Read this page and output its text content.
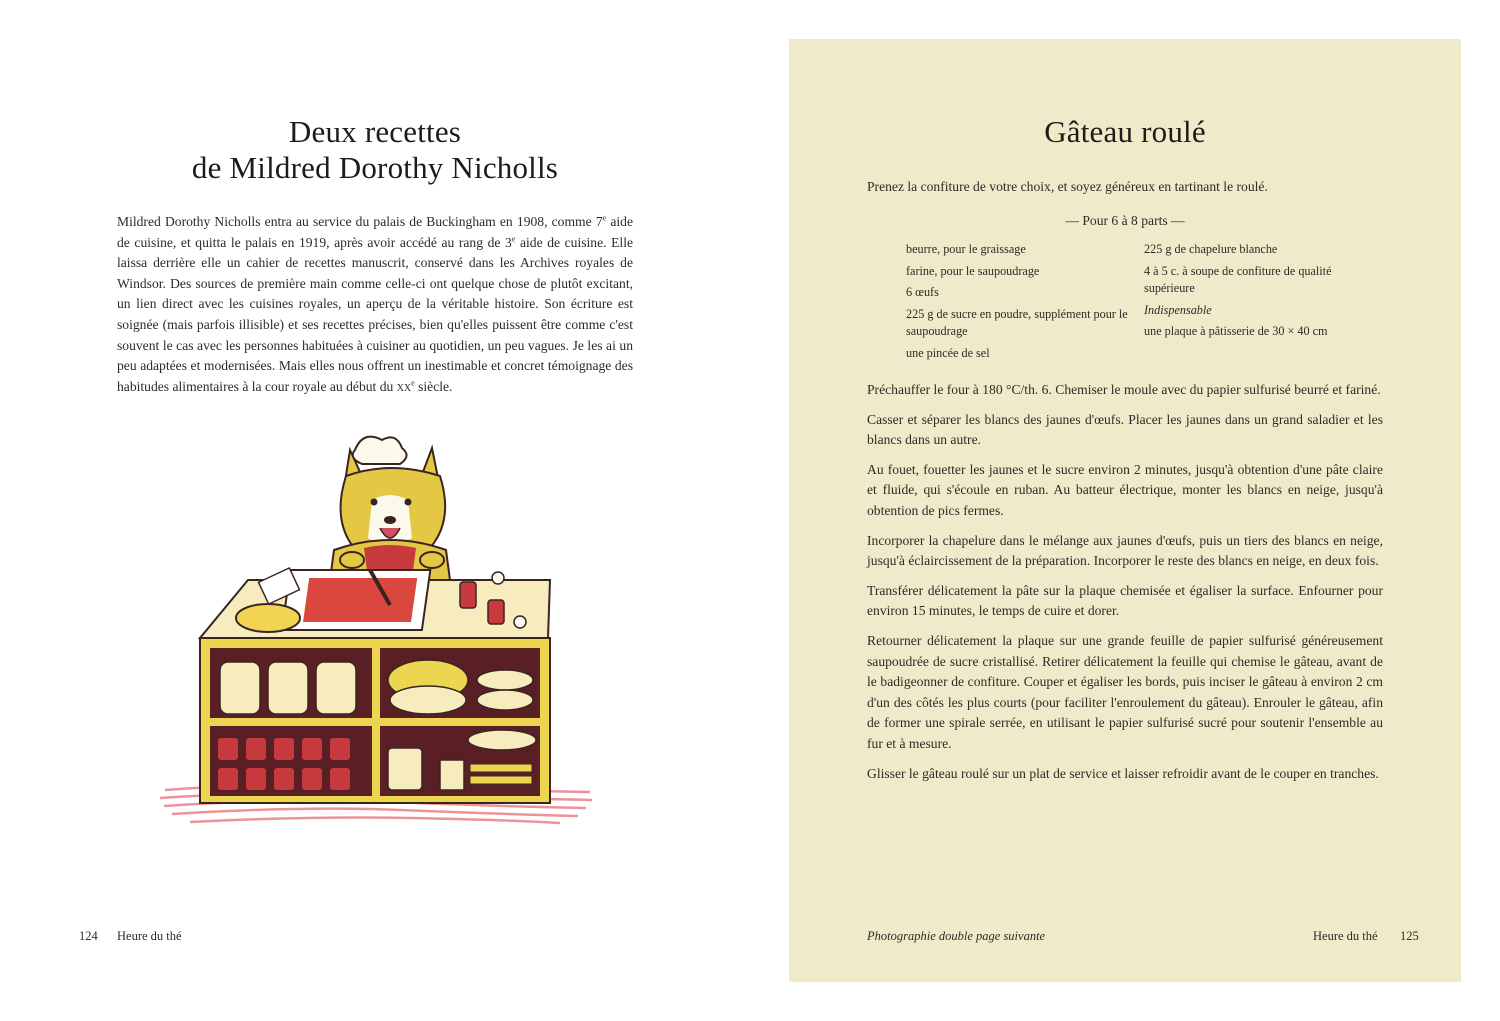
Deux recettes
de Mildred Dorothy Nicholls

Mildred Dorothy Nicholls entra au service du palais de Buckingham en 1908, comme 7e aide de cuisine, et quitta le palais en 1919, après avoir accédé au rang de 3e aide de cuisine. Elle laissa derrière elle un cahier de recettes manuscrit, conservé dans les Archives royales de Windsor. Des sources de première main comme celle-ci ont quelque chose de plutôt excitant, un lien direct avec les cuisines royales, un aperçu de la véritable histoire. Son écriture est soignée (mais parfois illisible) et ses recettes précises, bien qu'elles puissent être comme c'est souvent le cas avec les personnes habituées à cuisiner au quotidien, un peu vagues. Je les ai un peu adaptées et modernisées. Mais elles nous offrent un inestimable et concret témoignage des habitudes alimentaires à la cour royale au début du $xx^e$ siècle.

124 Heure du thé

Gâteau roulé

Prenez la confiture de votre choix, et soyez généreux en tartinant le roulé.

— Pour 6 à 8 parts —

beurre, pour le graissage
farine, pour le saupoudrage
6 œufs
225 g de sucre en poudre, supplément pour le saupoudrage
une pincée de sel
225 g de chapelure blanche
4 à 5 c. à soupe de confiture de qualité supérieure
Indispensable
une plaque à pâtisserie de 30 × 40 cm

Préchauffer le four à 180 °C/th. 6. Chemiser le moule avec du papier sulfurisé beurré et fariné.

Casser et séparer les blancs des jaunes d'œufs. Placer les jaunes dans un grand saladier et les blancs dans un autre.

Au fouet, fouetter les jaunes et le sucre environ 2 minutes, jusqu'à obtention d'une pâte claire et fluide, qui s'écoule en ruban. Au batteur électrique, monter les blancs en neige, jusqu'à obtention de pics fermes.

Incorporer la chapelure dans le mélange aux jaunes d'œufs, puis un tiers des blancs en neige, jusqu'à éclaircissement de la préparation. Incorporer le reste des blancs en neige, en deux fois.

Transférer délicatement la pâte sur la plaque chemisée et égaliser la surface. Enfourner pour environ 15 minutes, le temps de cuire et dorer.

Retourner délicatement la plaque sur une grande feuille de papier sulfurisé généreusement saupoudrée de sucre cristallisé. Retirer délicatement la feuille qui chemise le gâteau, avant de le badigeonner de confiture. Couper et égaliser les bords, puis inciser le gâteau à environ 2 cm d'un des côtés les plus courts (pour faciliter l'enroulement du gâteau). Enrouler le gâteau, afin de former une spirale serrée, en utilisant le papier sulfurisé sucré pour soutenir l'ensemble au fur et à mesure.

Glisser le gâteau roulé sur un plat de service et laisser refroidir avant de le couper en tranches.

Photographie double page suivante	Heure du thé 125
